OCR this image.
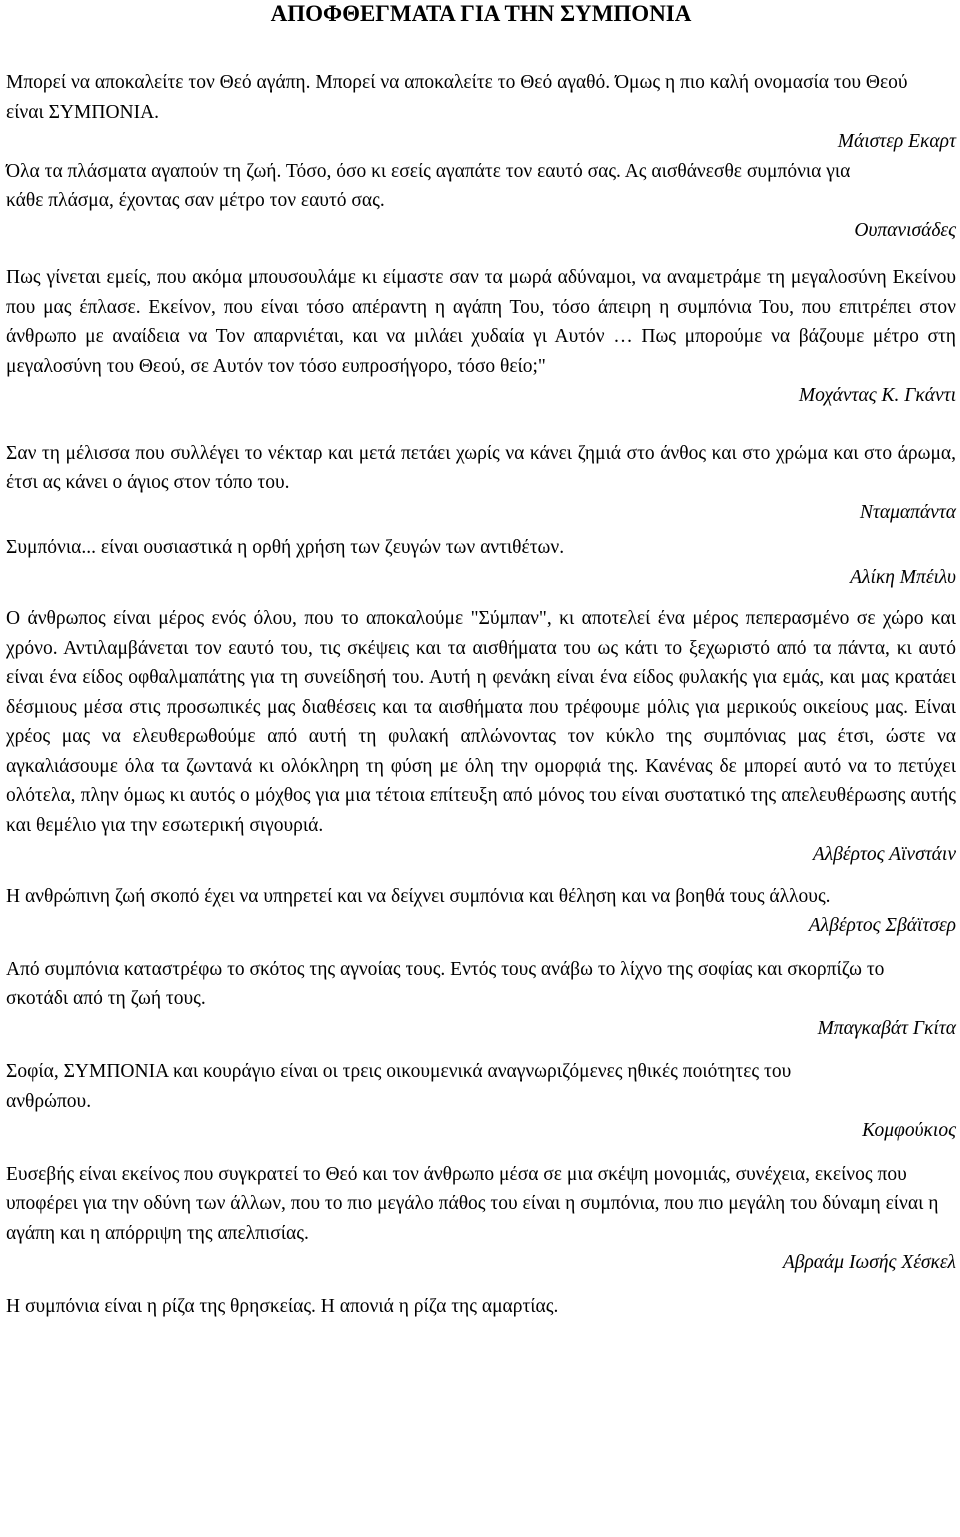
ΑΠΟΦΘΕΓΜΑΤΑ ΓΙΑ ΤΗΝ ΣΥΜΠΟΝΙΑ

Μπορεί να αποκαλείτε τον Θεό αγάπη. Μπορεί να αποκαλείτε το Θεό αγαθό. Όμως η πιο καλή ονομασία του Θεού είναι ΣΥΜΠΟΝΙΑ.

Μάιστερ Εκαρτ

Όλα τα πλάσματα αγαπούν τη ζωή. Τόσο, όσο κι εσείς αγαπάτε τον εαυτό σας. Ας αισθάνεσθε συμπόνια για κάθε πλάσμα, έχοντας σαν μέτρο τον εαυτό σας.

Ουπανισάδες

Πως γίνεται εμείς, που ακόμα μπουσουλάμε κι είμαστε σαν τα μωρά αδύναμοι, να αναμετράμε τη μεγαλοσύνη Εκείνου που μας έπλασε. Εκείνον, που είναι τόσο απέραντη η αγάπη Του, τόσο άπειρη η συμπόνια Του, που επιτρέπει στον άνθρωπο με αναίδεια να Τον απαρνιέται, και να μιλάει χυδαία γι Αυτόν … Πως μπορούμε να βάζουμε μέτρο στη μεγαλοσύνη του Θεού, σε Αυτόν τον τόσο ευπροσήγορο, τόσο θείο;"

Μοχάντας Κ. Γκάντι

Σαν τη μέλισσα που συλλέγει το νέκταρ και μετά πετάει χωρίς να κάνει ζημιά στο άνθος και στο χρώμα και στο άρωμα, έτσι ας κάνει ο άγιος στον τόπο του.

Νταμαπάντα

Συμπόνια... είναι ουσιαστικά η ορθή χρήση των ζευγών των αντιθέτων.

Αλίκη Μπέιλυ

Ο άνθρωπος είναι μέρος ενός όλου, που το αποκαλούμε "Σύμπαν", κι αποτελεί ένα μέρος πεπερασμένο σε χώρο και χρόνο. Αντιλαμβάνεται τον εαυτό του, τις σκέψεις και τα αισθήματα του ως κάτι το ξεχωριστό από τα πάντα, κι αυτό είναι ένα είδος οφθαλμαπάτης για τη συνείδησή του. Αυτή η φενάκη είναι ένα είδος φυλακής για εμάς, και μας κρατάει δέσμιους μέσα στις προσωπικές μας διαθέσεις και τα αισθήματα που τρέφουμε μόλις για μερικούς οικείους μας. Είναι χρέος μας να ελευθερωθούμε από αυτή τη φυλακή απλώνοντας τον κύκλο της συμπόνιας μας έτσι, ώστε να αγκαλιάσουμε όλα τα ζωντανά κι ολόκληρη τη φύση με όλη την ομορφιά της. Κανένας δε μπορεί αυτό να το πετύχει ολότελα, πλην όμως κι αυτός ο μόχθος για μια τέτοια επίτευξη από μόνος του είναι συστατικό της απελευθέρωσης αυτής και θεμέλιο για την εσωτερική σιγουριά.

Αλβέρτος Αϊνστάιν

Η ανθρώπινη ζωή σκοπό έχει να υπηρετεί και να δείχνει συμπόνια και θέληση και να βοηθά τους άλλους.

Αλβέρτος Σβάϊτσερ

Από συμπόνια καταστρέφω το σκότος της αγνοίας τους. Εντός τους ανάβω το λίχνο της σοφίας και σκορπίζω το σκοτάδι από τη ζωή τους.

Μπαγκαβάτ Γκίτα

Σοφία, ΣΥΜΠΟΝΙΑ και κουράγιο είναι οι τρεις οικουμενικά αναγνωριζόμενες ηθικές ποιότητες του ανθρώπου.

Κομφούκιος

Ευσεβής είναι εκείνος που συγκρατεί το Θεό και τον άνθρωπο μέσα σε μια σκέψη μονομιάς, συνέχεια, εκείνος που υποφέρει για την οδύνη των άλλων, που το πιο μεγάλο πάθος του είναι η συμπόνια, που πιο μεγάλη του δύναμη είναι η αγάπη και η απόρριψη της απελπισίας.

Αβραάμ Ιωσής Χέσκελ

Η συμπόνια είναι η ρίζα της θρησκείας. Η απονιά η ρίζα της αμαρτίας.
